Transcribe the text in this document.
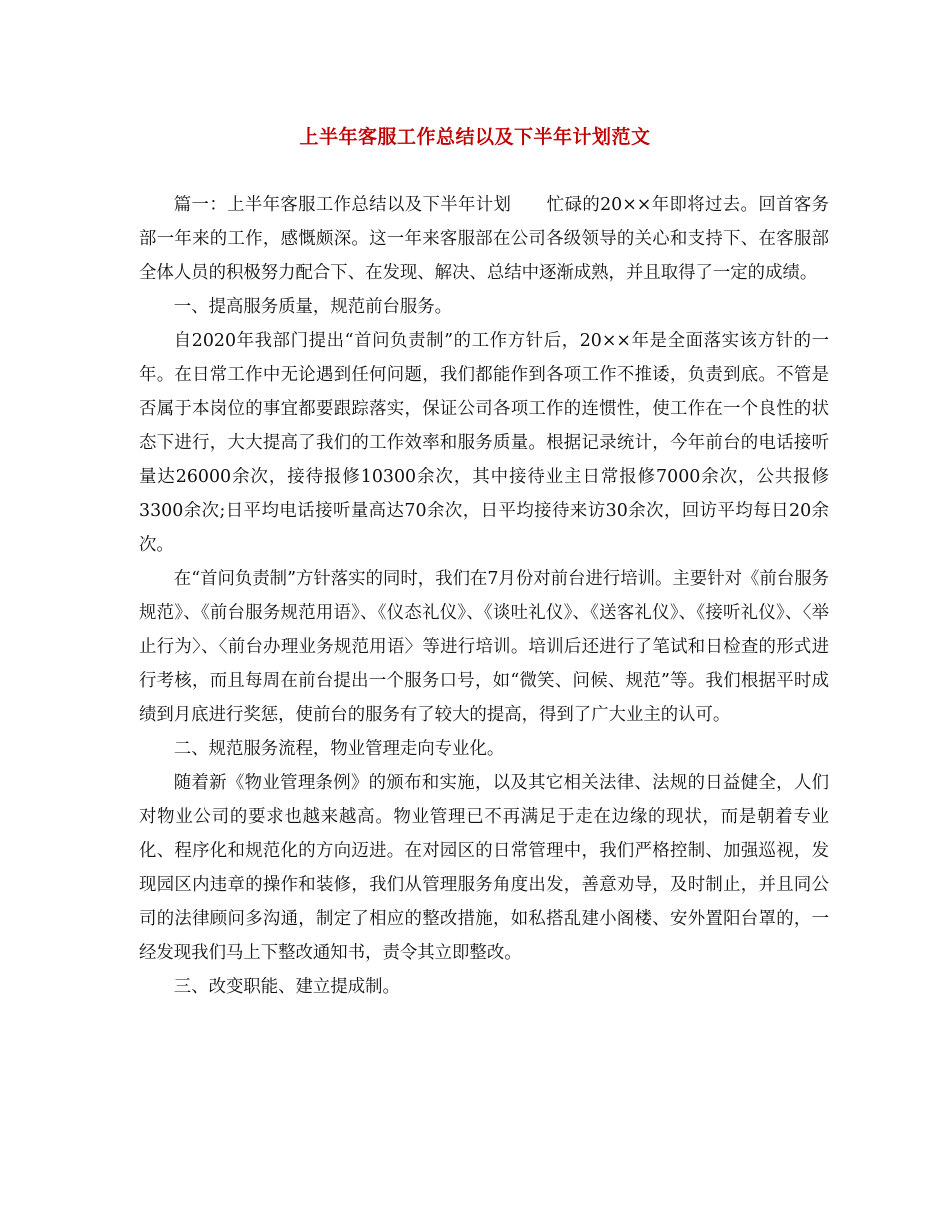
上半年客服工作总结以及下半年计划范文

篇一：上半年客服工作总结以及下半年计划　　忙碌的20××年即将过去。回首客务部一年来的工作，感慨颇深。这一年来客服部在公司各级领导的关心和支持下、在客服部全体人员的积极努力配合下、在发现、解决、总结中逐渐成熟，并且取得了一定的成绩。

一、提高服务质量，规范前台服务。

自2020年我部门提出“首问负责制”的工作方针后，20××年是全面落实该方针的一年。在日常工作中无论遇到任何问题，我们都能作到各项工作不推诿，负责到底。不管是否属于本岗位的事宜都要跟踪落实，保证公司各项工作的连惯性，使工作在一个良性的状态下进行，大大提高了我们的工作效率和服务质量。根据记录统计，今年前台的电话接听量达26000余次，接待报修10300余次，其中接待业主日常报修7000余次，公共报修3300余次;日平均电话接听量高达70余次，日平均接待来访30余次，回访平均每日20余次。

在“首问负责制”方针落实的同时，我们在7月份对前台进行培训。主要针对《前台服务规范》、《前台服务规范用语》、《仪态礼仪》、《谈吐礼仪》、《送客礼仪》、《接听礼仪》、〈举止行为〉、〈前台办理业务规范用语〉等进行培训。培训后还进行了笔试和日检查的形式进行考核，而且每周在前台提出一个服务口号，如“微笑、问候、规范”等。我们根据平时成绩到月底进行奖惩，使前台的服务有了较大的提高，得到了广大业主的认可。

二、规范服务流程，物业管理走向专业化。

随着新《物业管理条例》的颁布和实施，以及其它相关法律、法规的日益健全，人们对物业公司的要求也越来越高。物业管理已不再满足于走在边缘的现状，而是朝着专业化、程序化和规范化的方向迈进。在对园区的日常管理中，我们严格控制、加强巡视，发现园区内违章的操作和装修，我们从管理服务角度出发，善意劝导，及时制止，并且同公司的法律顾问多沟通，制定了相应的整改措施，如私搭乱建小阁楼、安外置阳台罩的，一经发现我们马上下整改通知书，责令其立即整改。

三、改变职能、建立提成制。
